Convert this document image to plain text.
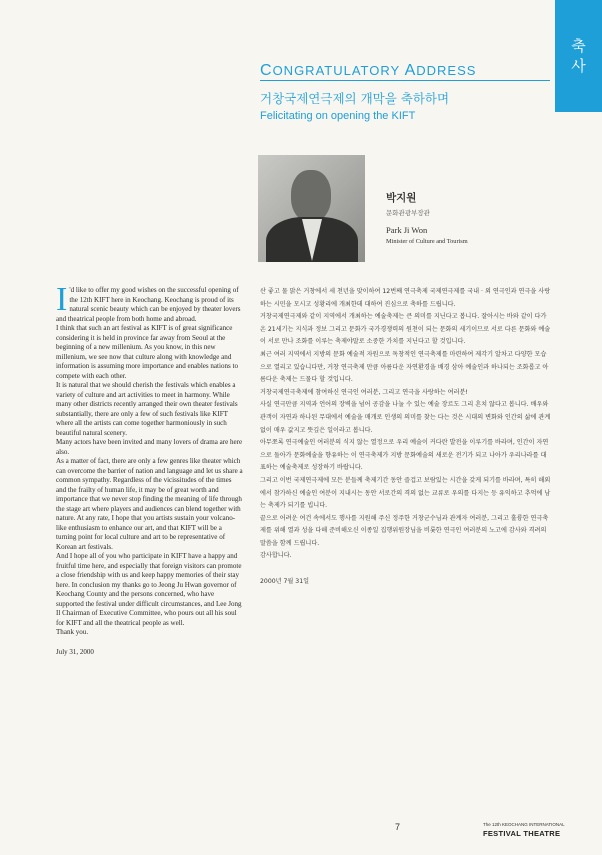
축
사
CONGRATULATORY ADDRESS
거창국제연극제의 개막을 축하하며
Felicitating on opening the KIFT
박지원
문화관광부장관
Park Ji Won
Minister of Culture and Tourism

I 'd like to offer my good wishes on the successful opening of the 12th KIFT here in Keochang. Keochang is proud of its natural scenic beauty which can be enjoyed by theater lovers and theatrical people from both home and abroad.

I think that such an art festival as KIFT is of great significance considering it is held in province far away from Seoul at the beginning of a new millenium. As you know, in this new millenium, we see now that culture along with knowledge and information is assuming more importance and enables nations to compete with each other.

It is natural that we should cherish the festivals which enables a variety of culture and art activities to meet in harmony. While many other districts recently arranged their own theater festivals substantially, there are only a few of such festivals like KIFT where all the artists can come together harmoniously in such beautiful natural scenery.

Many actors have been invited and many lovers of drama are here also.

As a matter of fact, there are only a few genres like theater which can overcome the barrier of nation and language and let us share a common sympathy. Regardless of the vicissitudes of the times and the frailty of human life, it may be of great worth and importance that we never stop finding the meaning of life through the stage art where players and audiences can blend together with nature. At any rate, I hope that you artists sustain your volcano-like enthusiasm to enhance our art, and that KIFT will be a turning point for local culture and art to be representative of Korean art festivals.

And I hope all of you who participate in KIFT have a happy and fruitful time here, and especially that foreign visitors can promote a close friendship with us and keep happy memories of their stay here. In conclusion my thanks go to Jeong Ju Hwan governor of Keochang County and the persons concerned, who have supported the festival under difficult circumstances, and Lee Jong Il Chairman of Executive Committee, who pours out all his soul for KIFT and all the theatrical people as well.

Thank you.

July 31, 2000

산 좋고 물 맑은 거창에서 세 천년을 맞이하여 12번째 연극축제 국제연극제를 국내 · 외 연극인과 연극을 사랑하는 시민을 모시고 성황리에 개최한데 대하여 진심으로 축하를 드립니다.

거창국제연극제와 같이 지역에서 개최하는 예술축제는 큰 의미를 지닌다고 봅니다. 잘아시는 바와 같이 다가온 21세기는 지식과 정보 그리고 문화가 국가경쟁력의 원천이 되는 문화의 세기이므로 서로 다른 문화와 예술이 서로 만나 조화를 이루는 축제야말로 소중한 가치를 지닌다고 할 것입니다.

최근 여러 지역에서 지방의 문화 예술적 자원으로 독창적인 연극축제를 마련하여 제각기 알차고 다양한 모습으로 열리고 있습니다만, 거창 연극축제 만큼 아름다운 자연환경을 배경 삼아 예술인과 하나되는 조화롭고 아름다운 축제는 드물다 할 것입니다.

거창국제연극축제에 참여하신 연극인 여러분, 그리고 연극을 사랑하는 여러분!

사실 연극만큼 지역과 언어의 장벽을 넘어 공감을 나눌 수 있는 예술 장르도 그리 흔치 않다고 봅니다. 배우와 관객이 자연과 하나된 무대에서 예술을 매개로 인생의 의미를 찾는 다는 것은 시대의 변화와 인간의 삶에 관계없이 매우 값지고 뜻깊은 일이라고 봅니다.

아무쪼록 연극예술인 여러분의 식지 않는 열정으로 우리 예술이 커다란 발전을 이루기를 바라며, 인간이 자연으로 돌아가 문화예술을 향유하는 이 연극축제가 지방 문화예술의 새로운 전기가 되고 나아가 우리나라를 대표하는 예술축제로 성장하기 바랍니다.

그리고 이번 국제연극제에 모든 분들께 축제기간 동안 즐겁고 보람있는 시간을 갖게 되기를 바라며, 특히 해외에서 참가하신 예술인 여분이 지내시는 동안 서로간의 격의 없는 교류로 우의를 다지는 등 유익하고 추억에 남는 축제가 되기를 빕니다.

끝으로 어려운 여건 속에서도 행사를 지원해 주신 정주한 거창군수님과 관계자 여러분, 그리고 훌륭한 연극축제를 위해 열과 성을 다해 준비해오신 이종일 집행위원장님을 비롯한 연극인 여러분의 노고에 감사와 격려의 말씀을 함께 드립니다.

감사합니다.

2000년 7월 31일

7	The 12th KEOCHANG INTERNATIONAL
FESTIVAL THEATRE
